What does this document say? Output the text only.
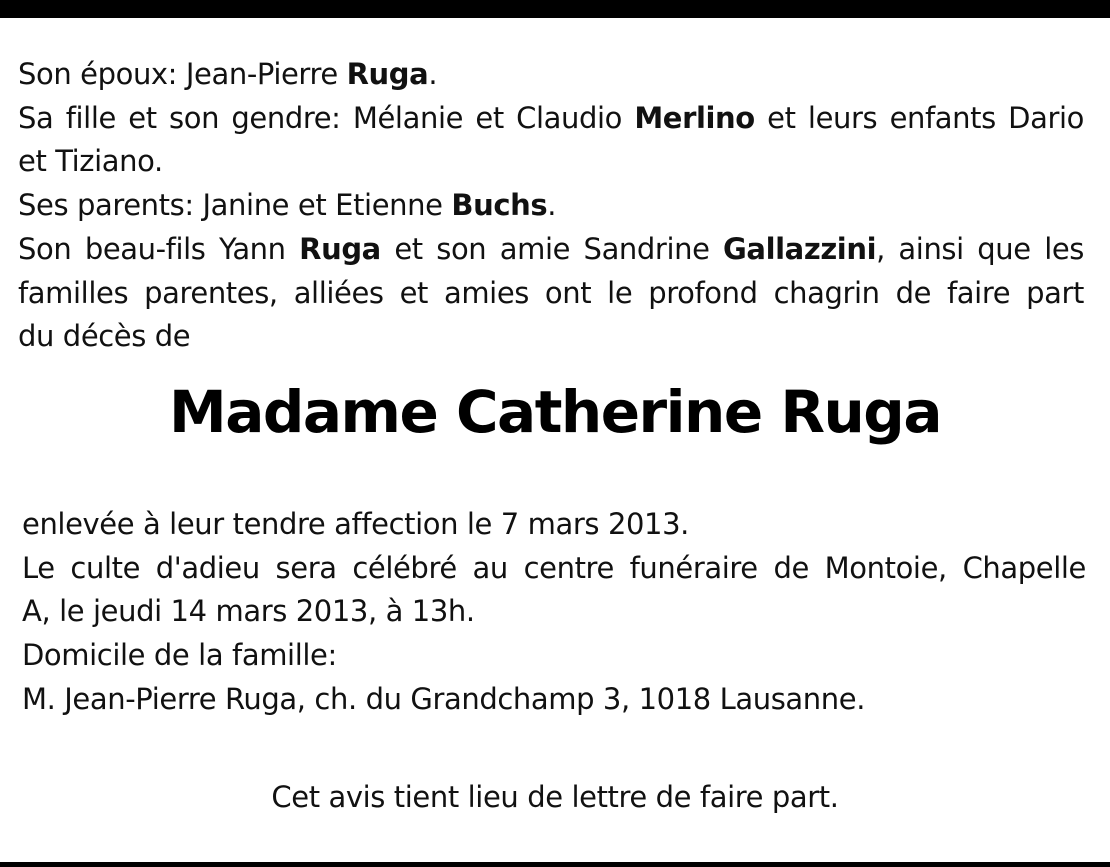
Son époux: Jean-Pierre Ruga.
Sa fille et son gendre: Mélanie et Claudio Merlino et leurs enfants Dario
et Tiziano.
Ses parents: Janine et Etienne Buchs.
Son beau-fils Yann Ruga et son amie Sandrine Gallazzini, ainsi que les
familles parentes, alliées et amies ont le profond chagrin de faire part
du décès de
Madame Catherine Ruga
enlevée à leur tendre affection le 7 mars 2013.
Le culte d'adieu sera célébré au centre funéraire de Montoie, Chapelle
A, le jeudi 14 mars 2013, à 13h.
Domicile de la famille:
M. Jean-Pierre Ruga, ch. du Grandchamp 3, 1018 Lausanne.
Cet avis tient lieu de lettre de faire part.
